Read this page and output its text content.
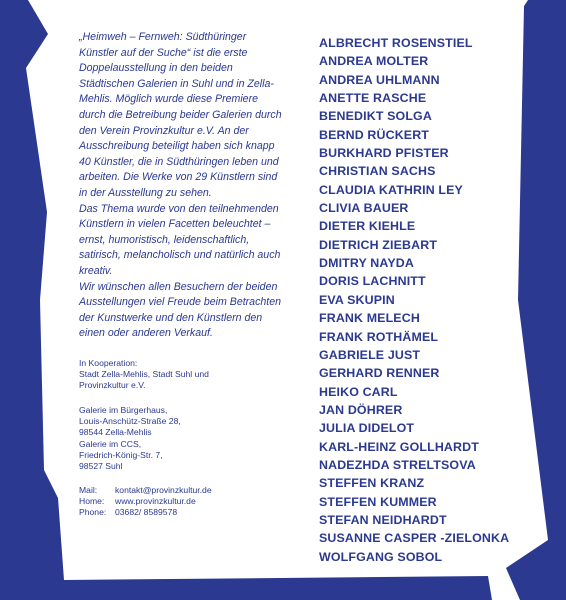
„Heimweh – Fernweh: Südthüringer Künstler auf der Suche“ ist die erste Doppelausstellung in den beiden Städtischen Galerien in Suhl und in Zella-Mehlis. Möglich wurde diese Premiere durch die Betreibung beider Galerien durch den Verein Provinzkultur e.V. An der Ausschreibung beteiligt haben sich knapp 40 Künstler, die in Südthüringen leben und arbeiten. Die Werke von 29 Künstlern sind in der Ausstellung zu sehen.

Das Thema wurde von den teilnehmenden Künstlern in vielen Facetten beleuchtet – ernst, humoristisch, leidenschaftlich, satirisch, melancholisch und natürlich auch kreativ.

Wir wünschen allen Besuchern der beiden Ausstellungen viel Freude beim Betrachten der Kunstwerke und den Künstlern den einen oder anderen Verkauf.

In Kooperation:

Stadt Zella-Mehlis, Stadt Suhl und

Provinzkultur e.V.

Galerie im Bürgerhaus,

Louis-Anschütz-Straße 28,

98544 Zella-Mehlis

Galerie im CCS,

Friedrich-König-Str. 7,

98527 Suhl

Mail:	kontakt@provinzkultur.de
Home:	www.provinzkultur.de
Phone:	03682/ 8589578
ALBRECHT ROSENSTIEL
ANDREA MOLTER
ANDREA UHLMANN
ANETTE RASCHE
BENEDIKT SOLGA
BERND RÜCKERT
BURKHARD PFISTER
CHRISTIAN SACHS
CLAUDIA KATHRIN LEY
CLIVIA BAUER
DIETER KIEHLE
DIETRICH ZIEBART
DMITRY NAYDA
DORIS LACHNITT
EVA SKUPIN
FRANK MELECH
FRANK ROTHÄMEL
GABRIELE JUST
GERHARD RENNER
HEIKO CARL
JAN DÖHRER
JULIA DIDELOT
KARL-HEINZ GOLLHARDT
NADEZHDA STRELTSOVA
STEFFEN KRANZ
STEFFEN KUMMER
STEFAN NEIDHARDT
SUSANNE CASPER -ZIELONKA
WOLFGANG SOBOL
